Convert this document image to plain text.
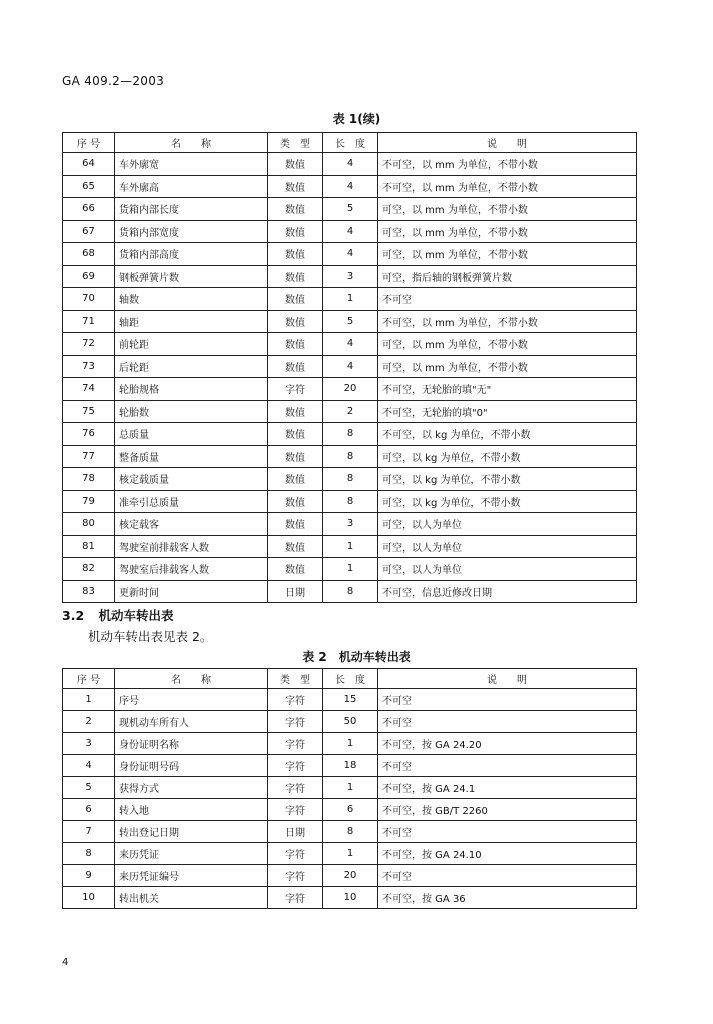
GA 409.2—2003
表 1(续)
序 号	名　　称	类　型	长　度	说　　明
64	车外廓宽	数值	4	不可空，以 mm 为单位，不带小数
65	车外廓高	数值	4	不可空，以 mm 为单位，不带小数
66	货箱内部长度	数值	5	可空，以 mm 为单位，不带小数
67	货箱内部宽度	数值	4	可空，以 mm 为单位，不带小数
68	货箱内部高度	数值	4	可空，以 mm 为单位，不带小数
69	钢板弹簧片数	数值	3	可空，指后轴的钢板弹簧片数
70	轴数	数值	1	不可空
71	轴距	数值	5	不可空，以 mm 为单位，不带小数
72	前轮距	数值	4	可空，以 mm 为单位，不带小数
73	后轮距	数值	4	可空，以 mm 为单位，不带小数
74	轮胎规格	字符	20	不可空，无轮胎的填"无"
75	轮胎数	数值	2	不可空，无轮胎的填"0"
76	总质量	数值	8	不可空，以 kg 为单位，不带小数
77	整备质量	数值	8	可空，以 kg 为单位，不带小数
78	核定载质量	数值	8	可空，以 kg 为单位，不带小数
79	准牵引总质量	数值	8	可空，以 kg 为单位，不带小数
80	核定载客	数值	3	可空，以人为单位
81	驾驶室前排载客人数	数值	1	可空，以人为单位
82	驾驶室后排载客人数	数值	1	可空，以人为单位
83	更新时间	日期	8	不可空，信息近修改日期
3.2 机动车转出表
机动车转出表见表 2。
表 2　机动车转出表
序 号	名　　称	类　型	长　度	说　　明
1	序号	字符	15	不可空
2	现机动车所有人	字符	50	不可空
3	身份证明名称	字符	1	不可空，按 GA 24.20
4	身份证明号码	字符	18	不可空
5	获得方式	字符	1	不可空，按 GA 24.1
6	转入地	字符	6	不可空，按 GB/T 2260
7	转出登记日期	日期	8	不可空
8	来历凭证	字符	1	不可空，按 GA 24.10
9	来历凭证编号	字符	20	不可空
10	转出机关	字符	10	不可空，按 GA 36
4
